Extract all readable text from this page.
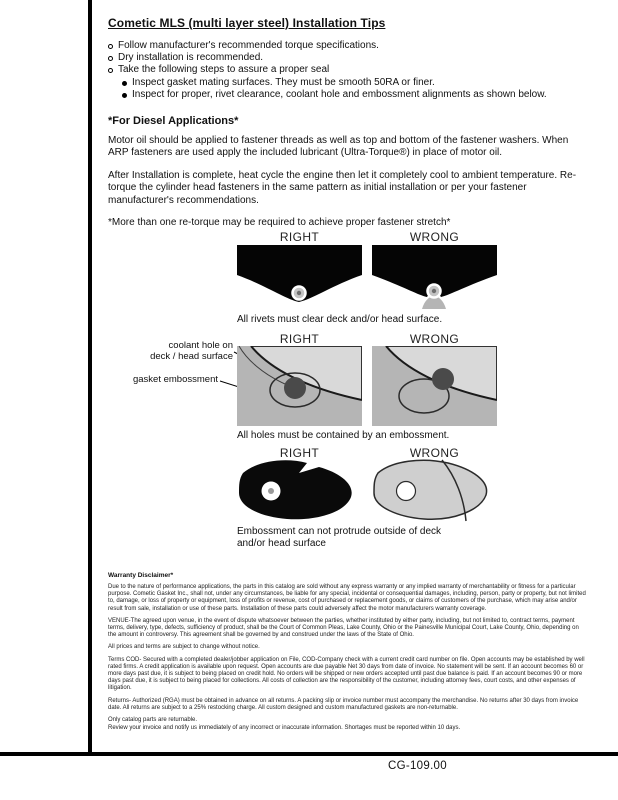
Cometic MLS (multi layer steel) Installation Tips
Follow manufacturer's recommended torque specifications.
Dry installation is recommended.
Take the following steps to assure a proper seal
Inspect gasket mating surfaces. They must be smooth 50RA or finer.
Inspect for proper, rivet clearance, coolant hole and embossment alignments as shown below.
*For Diesel Applications*

Motor oil should be applied to fastener threads as well as top and bottom of the fastener washers. When ARP fasteners are used apply the included lubricant (Ultra-Torque®) in place of motor oil.

After Installation is complete, heat cycle the engine then let it completely cool to ambient temperature. Re-torque the cylinder head fasteners in the same pattern as initial installation or per your fastener manufacturer's recommendations.

*More than one re-torque may be required to achieve proper fastener stretch*

RIGHT	WRONG
All rivets must clear deck and/or head surface.
RIGHT	WRONG
coolant hole on
deck / head surface
gasket embossment
All holes must be contained by an embossment.
RIGHT	WRONG
Embossment can not protrude outside of deck
and/or head surface
Warranty Disclaimer*

Due to the nature of performance applications, the parts in this catalog are sold without any express warranty or any implied warranty of merchantability or fitness for a particular purpose. Cometic Gasket Inc., shall not, under any circumstances, be liable for any special, incidental or consequential damages, including, person, party or property, but not limited to, damage, or loss of property or equipment, loss of profits or revenue, cost of purchased or replacement goods, or claims of customers of the purchase, which may arise and/or result from sale, installation or use of these parts. Installation of these parts could adversely affect the motor manufacturers warranty coverage.

VENUE-The agreed upon venue, in the event of dispute whatsoever between the parties, whether instituted by either party, including, but not limited to, contract terms, payment terms, delivery, type, defects, sufficiency of product, shall be the Court of Common Pleas, Lake County, Ohio or the Painesville Municipal Court, Lake County, Ohio, depending on the amount in controversy. This agreement shall be governed by and construed under the laws of the State of Ohio.

All prices and terms are subject to change without notice.

Terms COD- Secured with a completed dealer/jobber application on File, COD-Company check with a current credit card number on file. Open accounts may be established by well rated firms. A credit application is available upon request. Open accounts are due payable Net 30 days from date of invoice. No statement will be sent. If an account becomes 60 or more days past due, it is subject to being placed on credit hold. No orders will be shipped or new orders accepted until past due balance is paid. If an account becomes 90 or more days past due, it is subject to being placed for collections. All costs of collection are the responsibility of the customer, including attorney fees, court costs, and other expenses of litigation.

Returns- Authorized (RGA) must be obtained in advance on all returns. A packing slip or invoice number must accompany the merchandise. No returns after 30 days from invoice date. All returns are subject to a 25% restocking charge. All custom designed and custom manufactured gaskets are non-returnable.

Only catalog parts are returnable.

Review your invoice and notify us immediately of any incorrect or inaccurate information. Shortages must be reported within 10 days.

CG-109.00
